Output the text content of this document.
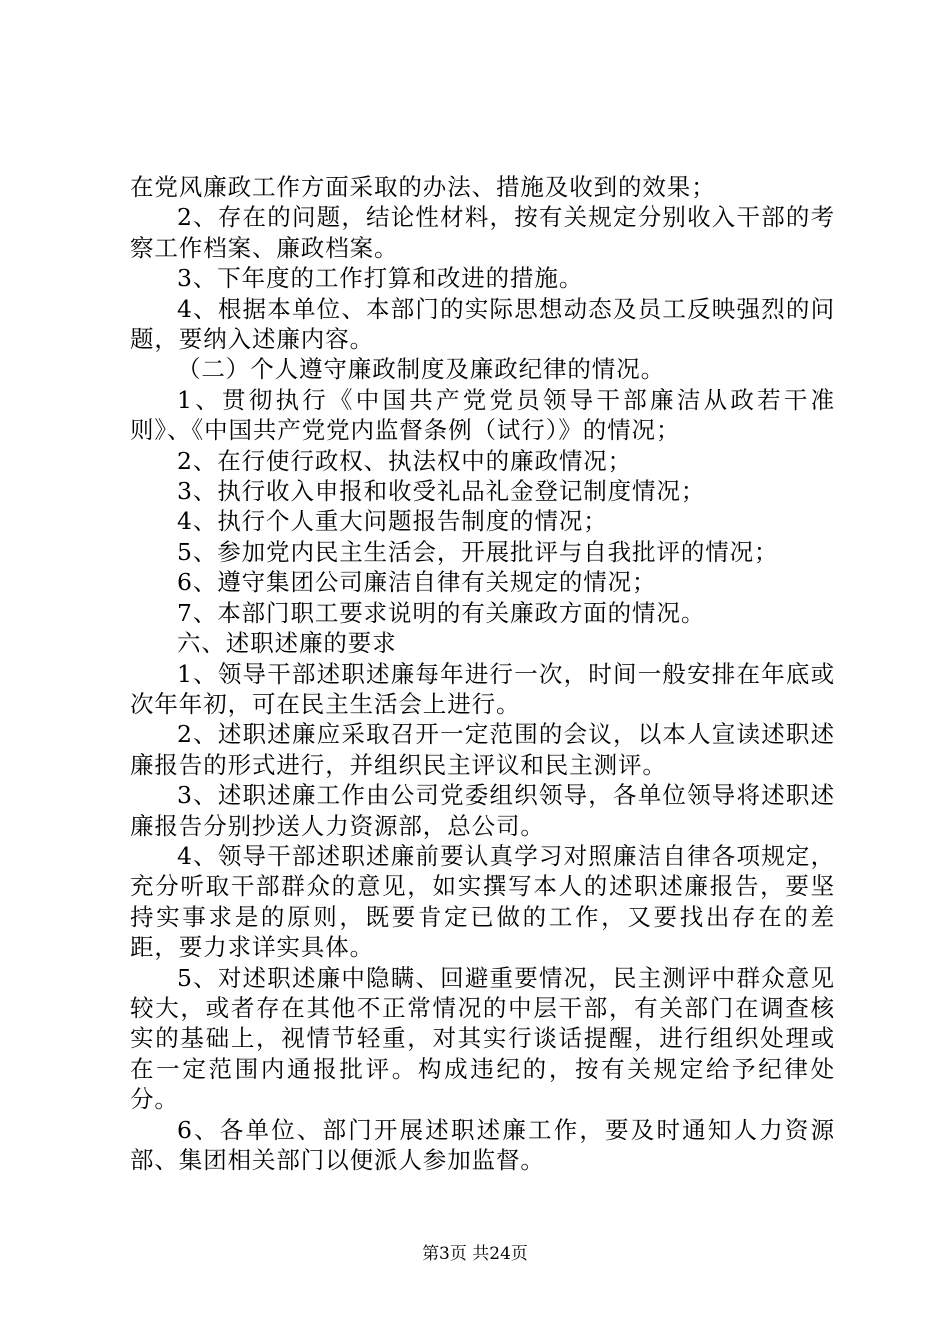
在党风廉政工作方面采取的办法、措施及收到的效果；

2、存在的问题，结论性材料，按有关规定分别收入干部的考察工作档案、廉政档案。

3、下年度的工作打算和改进的措施。

4、根据本单位、本部门的实际思想动态及员工反映强烈的问题，要纳入述廉内容。

（二）个人遵守廉政制度及廉政纪律的情况。

1、贯彻执行《中国共产党党员领导干部廉洁从政若干准则》、《中国共产党党内监督条例（试行）》的情况；

2、在行使行政权、执法权中的廉政情况；

3、执行收入申报和收受礼品礼金登记制度情况；

4、执行个人重大问题报告制度的情况；

5、参加党内民主生活会，开展批评与自我批评的情况；

6、遵守集团公司廉洁自律有关规定的情况；

7、本部门职工要求说明的有关廉政方面的情况。

六、述职述廉的要求

1、领导干部述职述廉每年进行一次，时间一般安排在年底或次年年初，可在民主生活会上进行。

2、述职述廉应采取召开一定范围的会议，以本人宣读述职述廉报告的形式进行，并组织民主评议和民主测评。

3、述职述廉工作由公司党委组织领导，各单位领导将述职述廉报告分别抄送人力资源部，总公司。

4、领导干部述职述廉前要认真学习对照廉洁自律各项规定，充分听取干部群众的意见，如实撰写本人的述职述廉报告，要坚持实事求是的原则，既要肯定已做的工作，又要找出存在的差距，要力求详实具体。

5、对述职述廉中隐瞒、回避重要情况，民主测评中群众意见较大，或者存在其他不正常情况的中层干部，有关部门在调查核实的基础上，视情节轻重，对其实行谈话提醒，进行组织处理或在一定范围内通报批评。构成违纪的，按有关规定给予纪律处分。

6、各单位、部门开展述职述廉工作，要及时通知人力资源部、集团相关部门以便派人参加监督。

第3页 共24页
